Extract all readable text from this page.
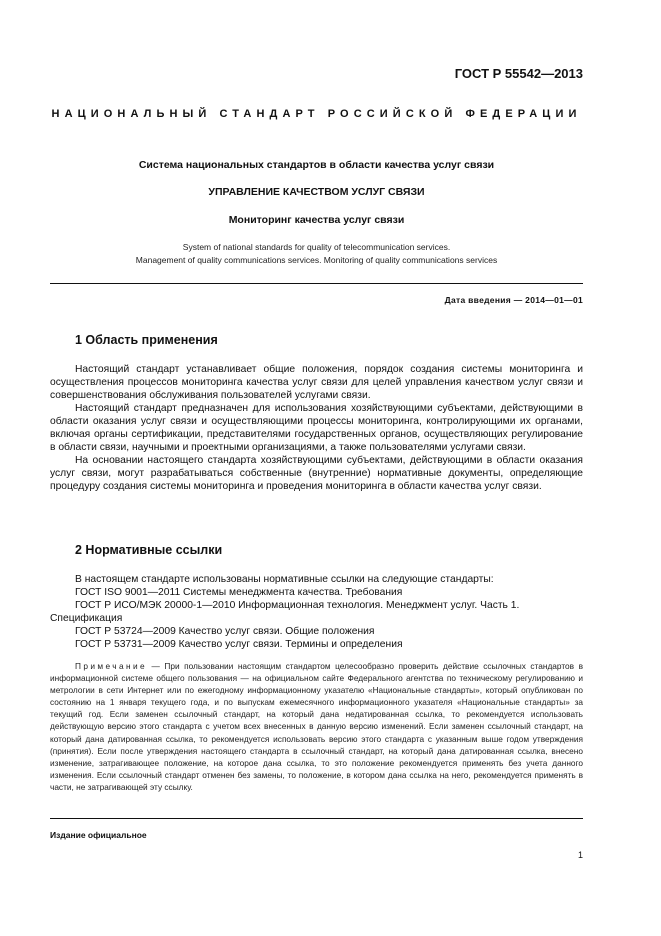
ГОСТ Р 55542—2013
НАЦИОНАЛЬНЫЙ СТАНДАРТ РОССИЙСКОЙ ФЕДЕРАЦИИ
Система национальных стандартов в области качества услуг связи
УПРАВЛЕНИЕ КАЧЕСТВОМ УСЛУГ СВЯЗИ
Мониторинг качества услуг связи
System of national standards for quality of telecommunication services.
Management of quality communications services. Monitoring of quality communications services
Дата введения — 2014—01—01
1 Область применения

Настоящий стандарт устанавливает общие положения, порядок создания системы мониторинга и осуществления процессов мониторинга качества услуг связи для целей управления качеством услуг связи и совершенствования обслуживания пользователей услугами связи.

Настоящий стандарт предназначен для использования хозяйствующими субъектами, действующими в области оказания услуг связи и осуществляющими процессы мониторинга, контролирующими их органами, включая органы сертификации, представителями государственных органов, осуществляющих регулирование в области связи, научными и проектными организациями, а также пользователями услугами связи.

На основании настоящего стандарта хозяйствующими субъектами, действующими в области оказания услуг связи, могут разрабатываться собственные (внутренние) нормативные документы, определяющие процедуру создания системы мониторинга и проведения мониторинга в области качества услуг связи.

2 Нормативные ссылки

В настоящем стандарте использованы нормативные ссылки на следующие стандарты:

ГОСТ ISO 9001—2011 Системы менеджмента качества. Требования

ГОСТ Р ИСО/МЭК 20000-1—2010 Информационная технология. Менеджмент услуг. Часть 1. Спецификация

ГОСТ Р 53724—2009 Качество услуг связи. Общие положения

ГОСТ Р 53731—2009 Качество услуг связи. Термины и определения

Примечание — При пользовании настоящим стандартом целесообразно проверить действие ссылочных стандартов в информационной системе общего пользования — на официальном сайте Федерального агентства по техническому регулированию и метрологии в сети Интернет или по ежегодному информационному указателю «Национальные стандарты», который опубликован по состоянию на 1 января текущего года, и по выпускам ежемесячного информационного указателя «Национальные стандарты» за текущий год. Если заменен ссылочный стандарт, на который дана недатированная ссылка, то рекомендуется использовать действующую версию этого стандарта с учетом всех внесенных в данную версию изменений. Если заменен ссылочный стандарт, на который дана датированная ссылка, то рекомендуется использовать версию этого стандарта с указанным выше годом утверждения (принятия). Если после утверждения настоящего стандарта в ссылочный стандарт, на который дана датированная ссылка, внесено изменение, затрагивающее положение, на которое дана ссылка, то это положение рекомендуется применять без учета данного изменения. Если ссылочный стандарт отменен без замены, то положение, в котором дана ссылка на него, рекомендуется применять в части, не затрагивающей эту ссылку.

Издание официальное
1
